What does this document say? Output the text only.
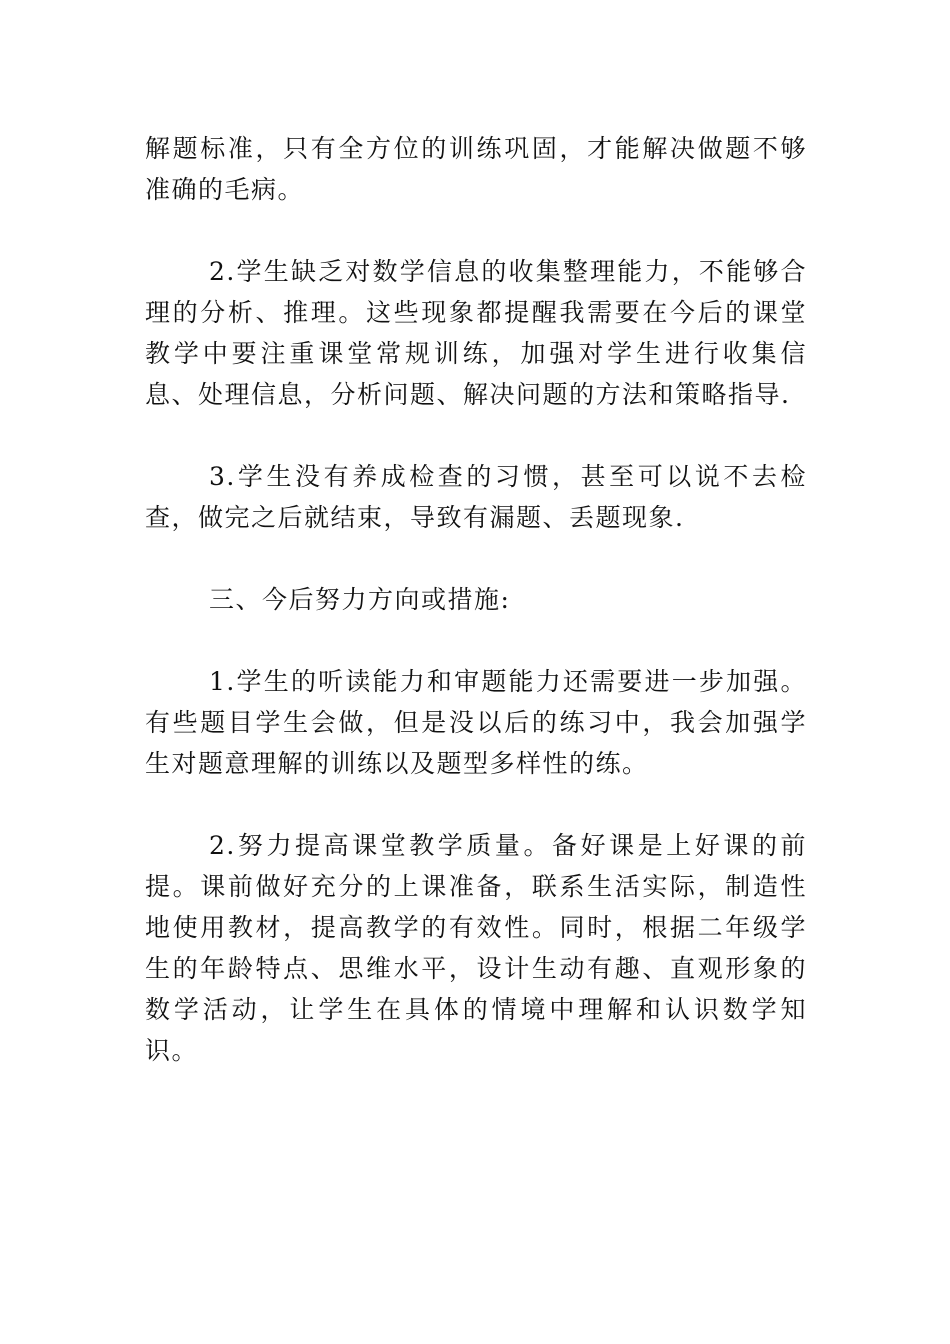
解题标准，只有全方位的训练巩固，才能解决做题不够准确的毛病。

2.学生缺乏对数学信息的收集整理能力，不能够合理的分析、推理。这些现象都提醒我需要在今后的课堂教学中要注重课堂常规训练，加强对学生进行收集信息、处理信息，分析问题、解决问题的方法和策略指导.

3.学生没有养成检查的习惯，甚至可以说不去检查，做完之后就结束，导致有漏题、丢题现象.

三、今后努力方向或措施:

1.学生的听读能力和审题能力还需要进一步加强。有些题目学生会做，但是没以后的练习中，我会加强学生对题意理解的训练以及题型多样性的练。

2.努力提高课堂教学质量。备好课是上好课的前提。课前做好充分的上课准备，联系生活实际，制造性地使用教材，提高教学的有效性。同时，根据二年级学生的年龄特点、思维水平，设计生动有趣、直观形象的数学活动，让学生在具体的情境中理解和认识数学知识。
